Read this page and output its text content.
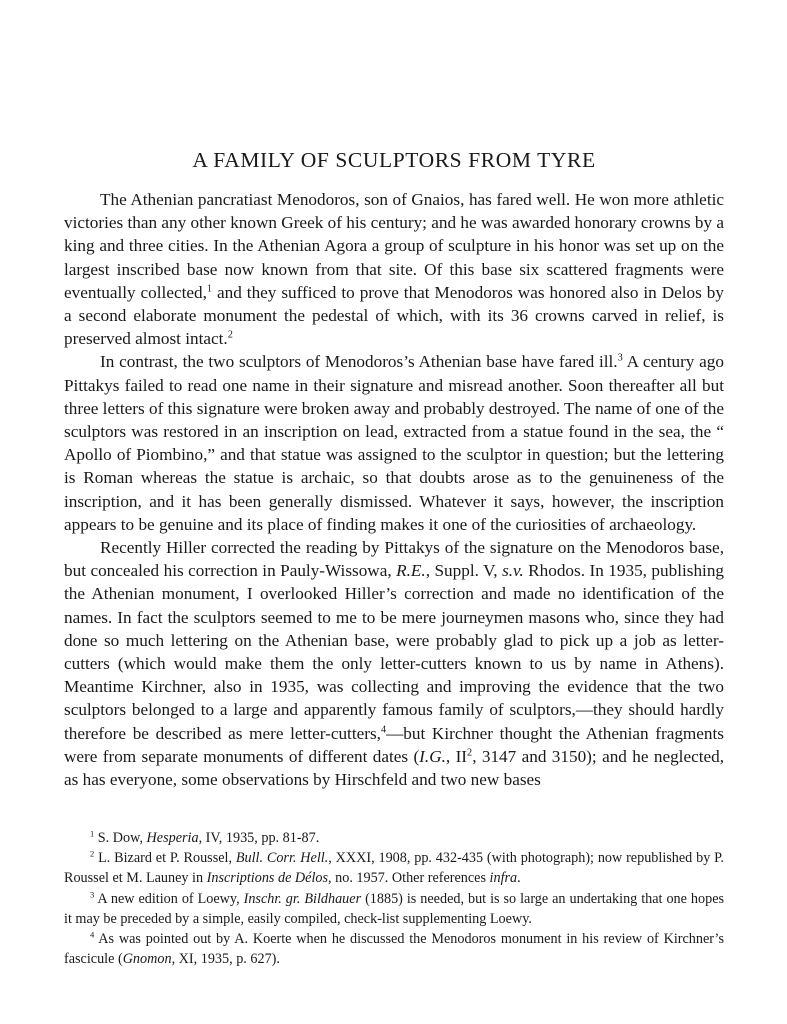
A FAMILY OF SCULPTORS FROM TYRE

The Athenian pancratiast Menodoros, son of Gnaios, has fared well. He won more athletic victories than any other known Greek of his century; and he was awarded honorary crowns by a king and three cities. In the Athenian Agora a group of sculpture in his honor was set up on the largest inscribed base now known from that site. Of this base six scattered fragments were eventually collected,$^1$ and they sufficed to prove that Menodoros was honored also in Delos by a second elaborate monument the pedestal of which, with its 36 crowns carved in relief, is preserved almost intact.$^2$

In contrast, the two sculptors of Menodoros’s Athenian base have fared ill.$^3$ A century ago Pittakys failed to read one name in their signature and misread another. Soon thereafter all but three letters of this signature were broken away and probably destroyed. The name of one of the sculptors was restored in an inscription on lead, extracted from a statue found in the sea, the “ Apollo of Piombino,” and that statue was assigned to the sculptor in question; but the lettering is Roman whereas the statue is archaic, so that doubts arose as to the genuineness of the inscription, and it has been generally dismissed. Whatever it says, however, the inscription appears to be genuine and its place of finding makes it one of the curiosities of archaeology.

Recently Hiller corrected the reading by Pittakys of the signature on the Menodoros base, but concealed his correction in Pauly-Wissowa, R.E., Suppl. V, s.v. Rhodos. In 1935, publishing the Athenian monument, I overlooked Hiller’s correction and made no identification of the names. In fact the sculptors seemed to me to be mere journeymen masons who, since they had done so much lettering on the Athenian base, were probably glad to pick up a job as letter-cutters (which would make them the only letter-cutters known to us by name in Athens). Meantime Kirchner, also in 1935, was collecting and improving the evidence that the two sculptors belonged to a large and apparently famous family of sculptors,—they should hardly therefore be described as mere letter-cutters,$^4$—but Kirchner thought the Athenian fragments were from separate monuments of different dates (I.G., $II^2$, 3147 and 3150); and he neglected, as has everyone, some observations by Hirschfeld and two new bases

$^1$ S. Dow, Hesperia, IV, 1935, pp. 81-87.

$^2$ L. Bizard et P. Roussel, Bull. Corr. Hell., XXXI, 1908, pp. 432-435 (with photograph); now republished by P. Roussel et M. Launey in Inscriptions de Délos, no. 1957. Other references infra.

$^3$ A new edition of Loewy, Inschr. gr. Bildhauer (1885) is needed, but is so large an undertaking that one hopes it may be preceded by a simple, easily compiled, check-list supplementing Loewy.

$^4$ As was pointed out by A. Koerte when he discussed the Menodoros monument in his review of Kirchner’s fascicule (Gnomon, XI, 1935, p. 627).
